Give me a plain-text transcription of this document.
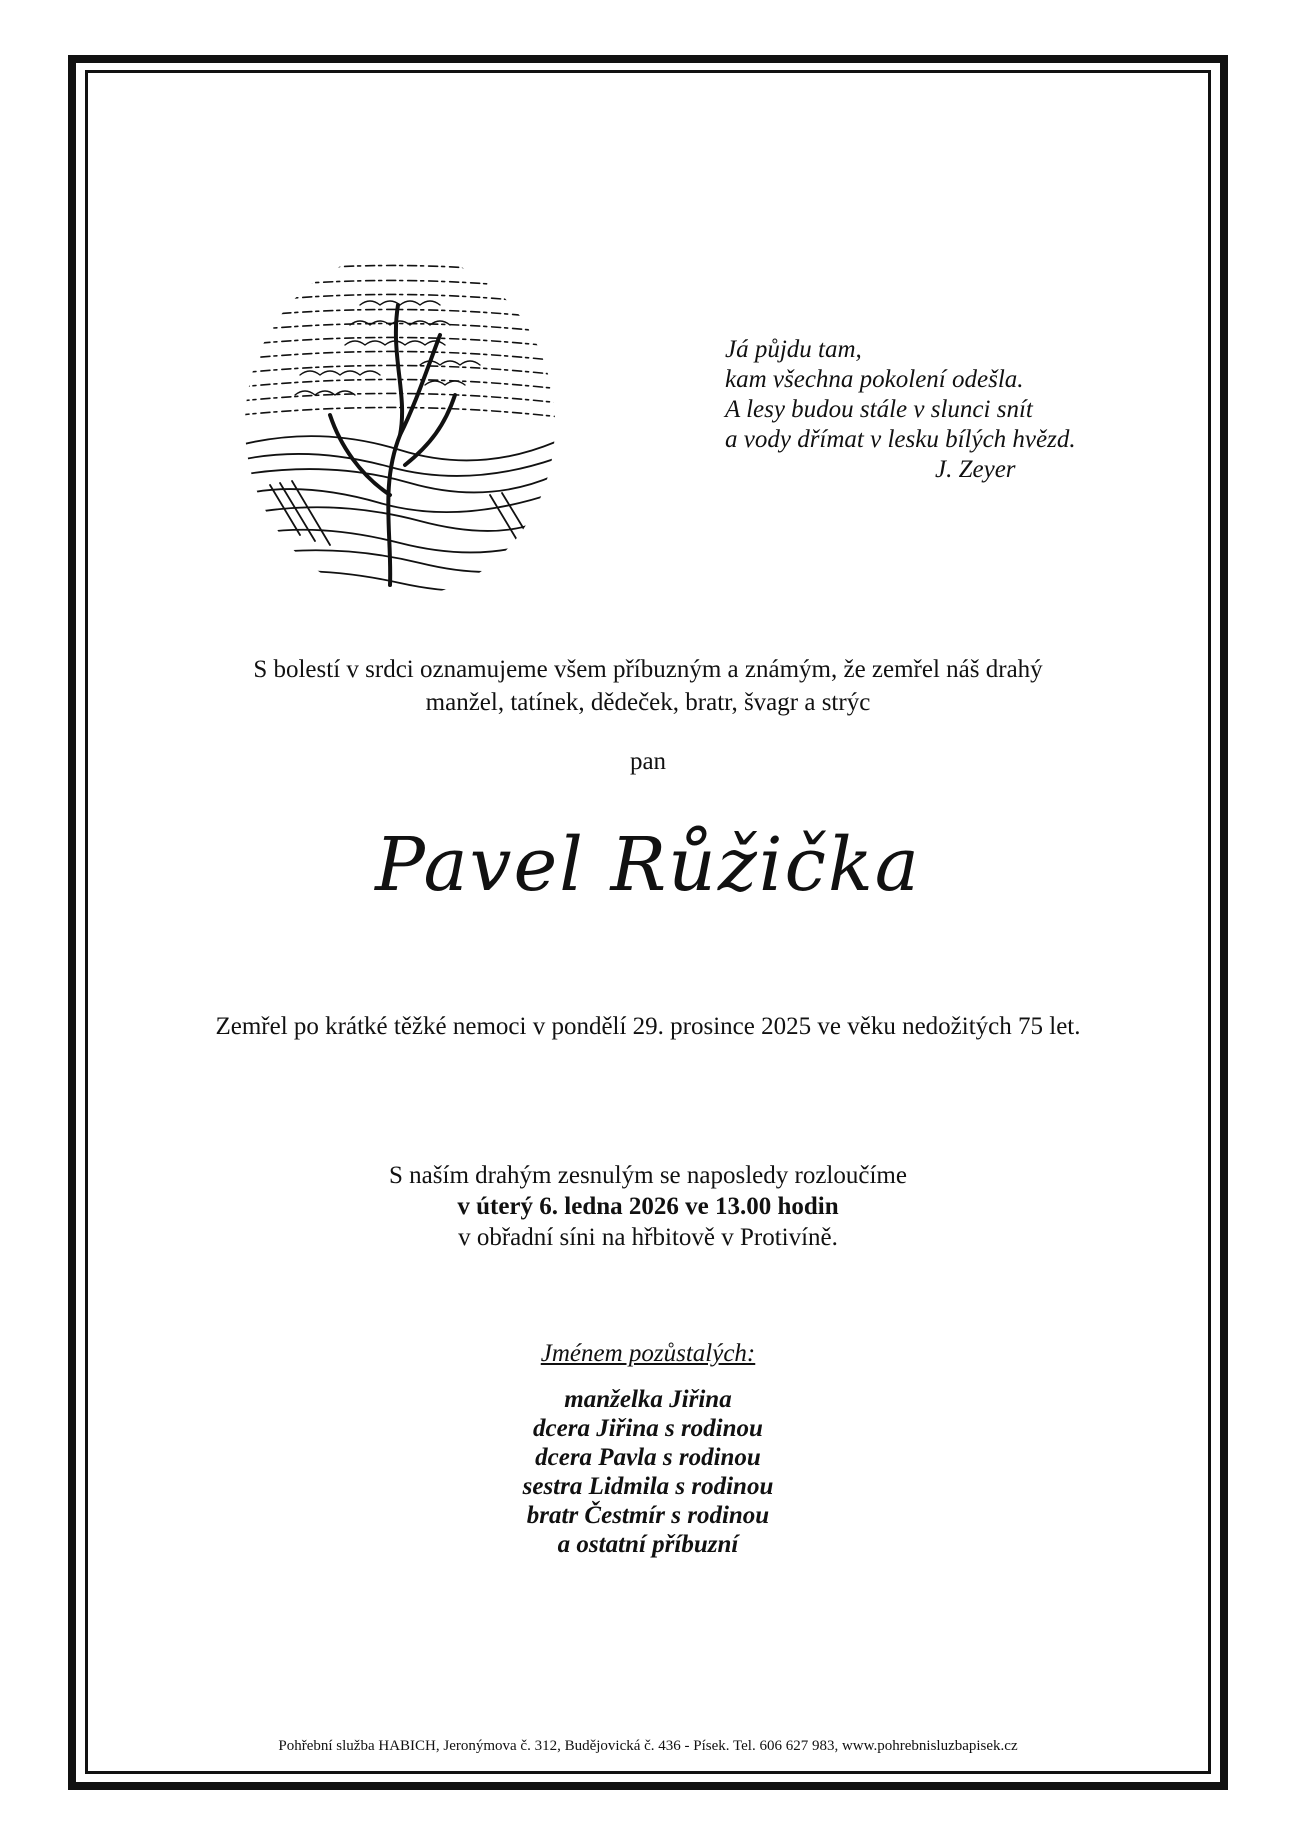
Já půjdu tam,
kam všechna pokolení odešla.
A lesy budou stále v slunci snít
a vody dřímat v lesku bílých hvězd.
J. Zeyer
S bolestí v srdci oznamujeme všem příbuzným a známým, že zemřel náš drahý
manžel, tatínek, dědeček, bratr, švagr a strýc
pan
Pavel Růžička
Zemřel po krátké těžké nemoci v pondělí 29. prosince 2025 ve věku nedožitých 75 let.
S naším drahým zesnulým se naposledy rozloučíme
v úterý 6. ledna 2026 ve 13.00 hodin
v obřadní síni na hřbitově v Protivíně.
Jménem pozůstalých:
manželka Jiřina
dcera Jiřina s rodinou
dcera Pavla s rodinou
sestra Lidmila s rodinou
bratr Čestmír s rodinou
a ostatní příbuzní
Pohřební služba HABICH, Jeronýmova č. 312, Budějovická č. 436 - Písek. Tel. 606 627 983, www.pohrebnisluzbapisek.cz
